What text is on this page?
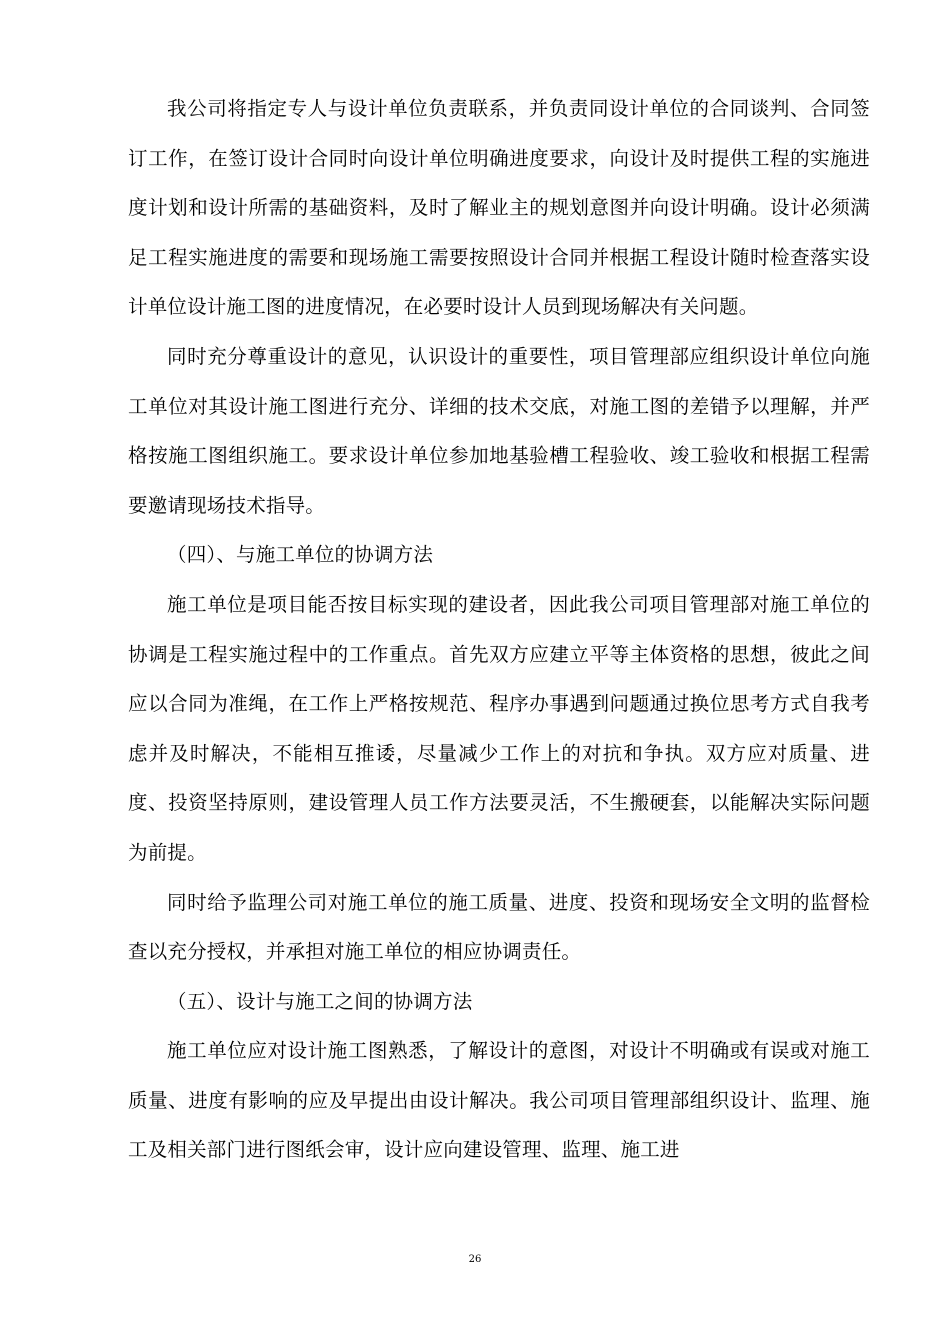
我公司将指定专人与设计单位负责联系，并负责同设计单位的合同谈判、合同签订工作，在签订设计合同时向设计单位明确进度要求，向设计及时提供工程的实施进度计划和设计所需的基础资料，及时了解业主的规划意图并向设计明确。设计必须满足工程实施进度的需要和现场施工需要按照设计合同并根据工程设计随时检查落实设计单位设计施工图的进度情况，在必要时设计人员到现场解决有关问题。

同时充分尊重设计的意见，认识设计的重要性，项目管理部应组织设计单位向施工单位对其设计施工图进行充分、详细的技术交底，对施工图的差错予以理解，并严格按施工图组织施工。要求设计单位参加地基验槽工程验收、竣工验收和根据工程需要邀请现场技术指导。

（四）、与施工单位的协调方法

施工单位是项目能否按目标实现的建设者，因此我公司项目管理部对施工单位的协调是工程实施过程中的工作重点。首先双方应建立平等主体资格的思想，彼此之间应以合同为准绳，在工作上严格按规范、程序办事遇到问题通过换位思考方式自我考虑并及时解决，不能相互推诿，尽量减少工作上的对抗和争执。双方应对质量、进度、投资坚持原则，建设管理人员工作方法要灵活，不生搬硬套，以能解决实际问题为前提。

同时给予监理公司对施工单位的施工质量、进度、投资和现场安全文明的监督检查以充分授权，并承担对施工单位的相应协调责任。

（五）、设计与施工之间的协调方法

施工单位应对设计施工图熟悉，了解设计的意图，对设计不明确或有误或对施工质量、进度有影响的应及早提出由设计解决。我公司项目管理部组织设计、监理、施工及相关部门进行图纸会审，设计应向建设管理、监理、施工进

26
